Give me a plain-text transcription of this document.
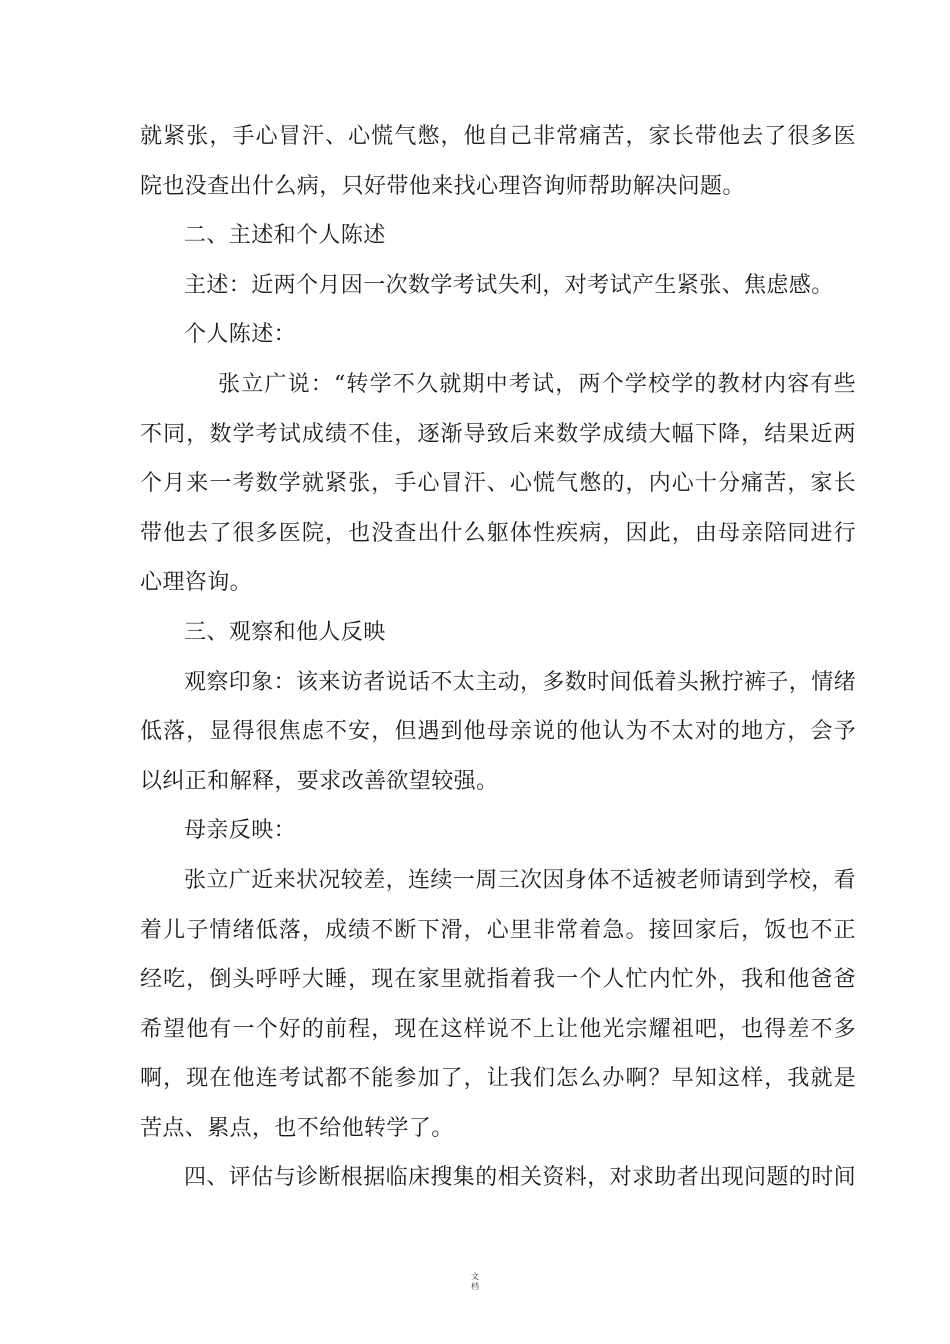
就紧张，手心冒汗、心慌气憋，他自己非常痛苦，家长带他去了很多医院也没查出什么病，只好带他来找心理咨询师帮助解决问题。

二、主述和个人陈述

主述：近两个月因一次数学考试失利，对考试产生紧张、焦虑感。

个人陈述：

张立广说：“转学不久就期中考试，两个学校学的教材内容有些不同，数学考试成绩不佳，逐渐导致后来数学成绩大幅下降，结果近两个月来一考数学就紧张，手心冒汗、心慌气憋的，内心十分痛苦，家长带他去了很多医院，也没查出什么躯体性疾病，因此，由母亲陪同进行心理咨询。

三、观察和他人反映

观察印象：该来访者说话不太主动，多数时间低着头揪拧裤子，情绪低落，显得很焦虑不安，但遇到他母亲说的他认为不太对的地方，会予以纠正和解释，要求改善欲望较强。

母亲反映：

张立广近来状况较差，连续一周三次因身体不适被老师请到学校，看着儿子情绪低落，成绩不断下滑，心里非常着急。接回家后，饭也不正经吃，倒头呼呼大睡，现在家里就指着我一个人忙内忙外，我和他爸爸希望他有一个好的前程，现在这样说不上让他光宗耀祖吧，也得差不多啊，现在他连考试都不能参加了，让我们怎么办啊？早知这样，我就是苦点、累点，也不给他转学了。

四、评估与诊断根据临床搜集的相关资料，对求助者出现问题的时间

文
档
